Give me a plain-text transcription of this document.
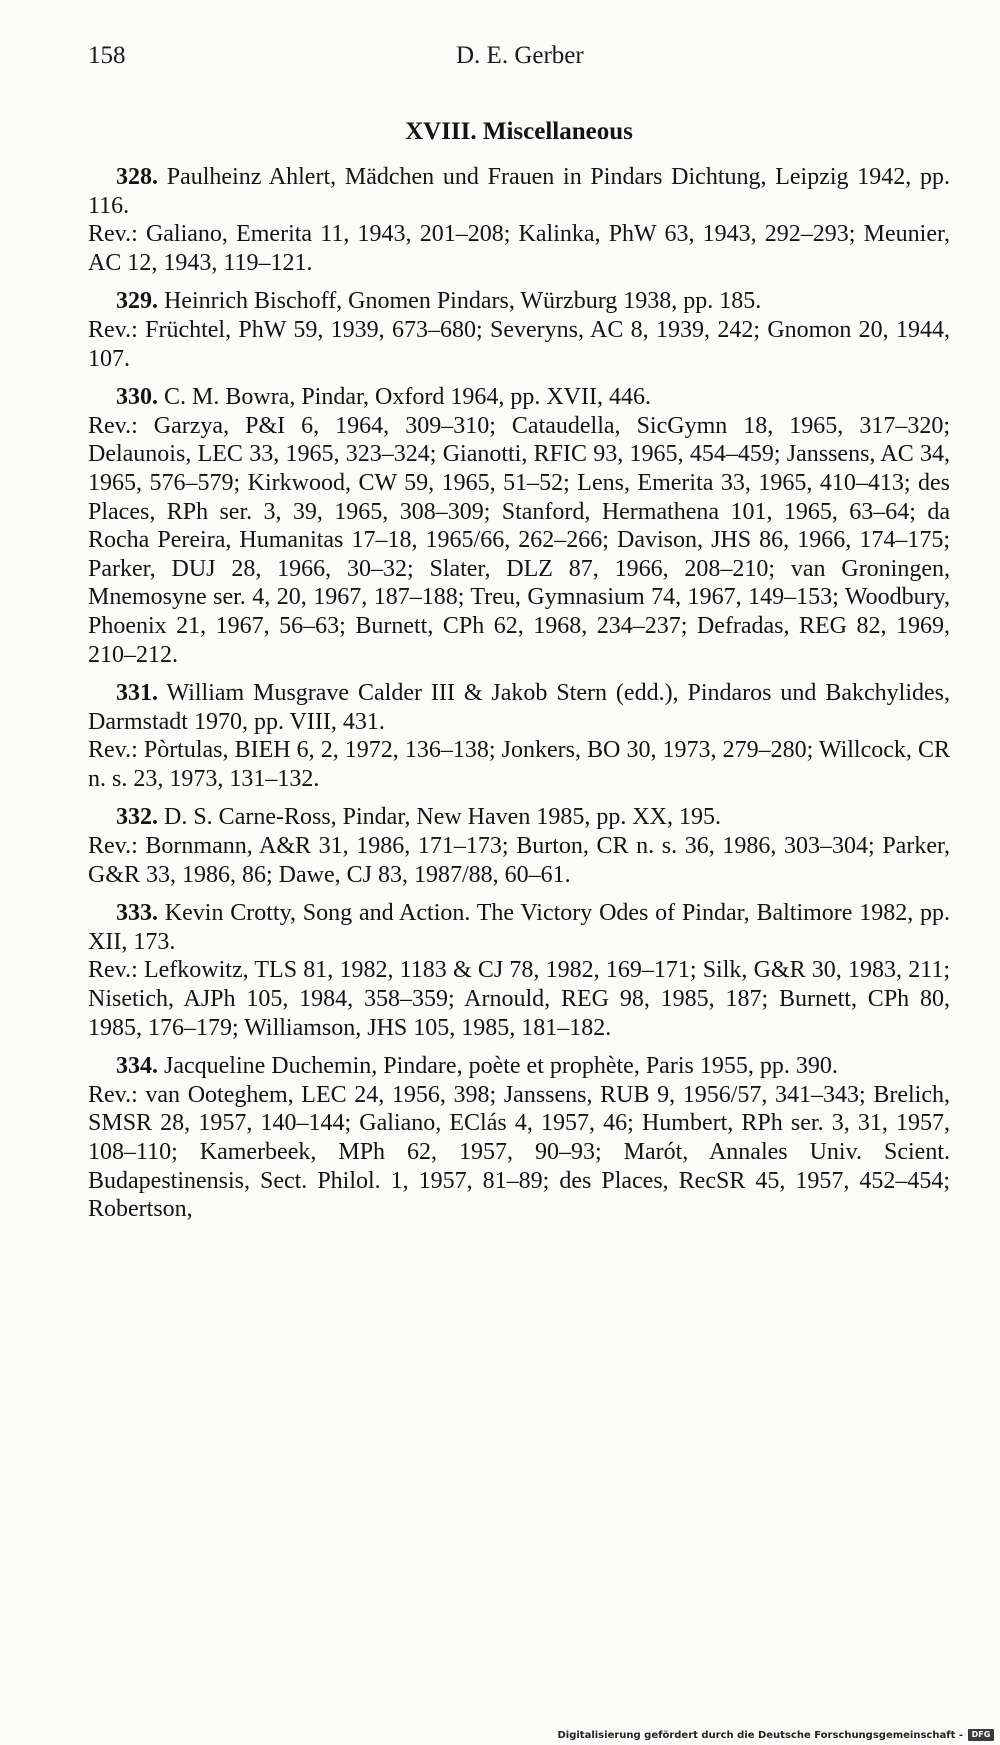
158	D. E. Gerber
XVIII. Miscellaneous

328. Paulheinz Ahlert, Mädchen und Frauen in Pindars Dichtung, Leipzig 1942, pp. 116.

Rev.: Galiano, Emerita 11, 1943, 201–208; Kalinka, PhW 63, 1943, 292–293; Meunier, AC 12, 1943, 119–121.

329. Heinrich Bischoff, Gnomen Pindars, Würzburg 1938, pp. 185.

Rev.: Früchtel, PhW 59, 1939, 673–680; Severyns, AC 8, 1939, 242; Gnomon 20, 1944, 107.

330. C. M. Bowra, Pindar, Oxford 1964, pp. XVII, 446.

Rev.: Garzya, P&I 6, 1964, 309–310; Cataudella, SicGymn 18, 1965, 317–320; Delaunois, LEC 33, 1965, 323–324; Gianotti, RFIC 93, 1965, 454–459; Janssens, AC 34, 1965, 576–579; Kirkwood, CW 59, 1965, 51–52; Lens, Emerita 33, 1965, 410–413; des Places, RPh ser. 3, 39, 1965, 308–309; Stanford, Hermathena 101, 1965, 63–64; da Rocha Pereira, Humanitas 17–18, 1965/66, 262–266; Davison, JHS 86, 1966, 174–175; Parker, DUJ 28, 1966, 30–32; Slater, DLZ 87, 1966, 208–210; van Groningen, Mnemosyne ser. 4, 20, 1967, 187–188; Treu, Gymnasium 74, 1967, 149–153; Woodbury, Phoenix 21, 1967, 56–63; Burnett, CPh 62, 1968, 234–237; Defradas, REG 82, 1969, 210–212.

331. William Musgrave Calder III & Jakob Stern (edd.), Pindaros und Bakchylides, Darmstadt 1970, pp. VIII, 431.

Rev.: Pòrtulas, BIEH 6, 2, 1972, 136–138; Jonkers, BO 30, 1973, 279–280; Willcock, CR n. s. 23, 1973, 131–132.

332. D. S. Carne-Ross, Pindar, New Haven 1985, pp. XX, 195.

Rev.: Bornmann, A&R 31, 1986, 171–173; Burton, CR n. s. 36, 1986, 303–304; Parker, G&R 33, 1986, 86; Dawe, CJ 83, 1987/88, 60–61.

333. Kevin Crotty, Song and Action. The Victory Odes of Pindar, Baltimore 1982, pp. XII, 173.

Rev.: Lefkowitz, TLS 81, 1982, 1183 & CJ 78, 1982, 169–171; Silk, G&R 30, 1983, 211; Nisetich, AJPh 105, 1984, 358–359; Arnould, REG 98, 1985, 187; Burnett, CPh 80, 1985, 176–179; Williamson, JHS 105, 1985, 181–182.

334. Jacqueline Duchemin, Pindare, poète et prophète, Paris 1955, pp. 390.

Rev.: van Ooteghem, LEC 24, 1956, 398; Janssens, RUB 9, 1956/57, 341–343; Brelich, SMSR 28, 1957, 140–144; Galiano, EClás 4, 1957, 46; Humbert, RPh ser. 3, 31, 1957, 108–110; Kamerbeek, MPh 62, 1957, 90–93; Marót, Annales Univ. Scient. Budapestinensis, Sect. Philol. 1, 1957, 81–89; des Places, RecSR 45, 1957, 452–454; Robertson,

Digitalisierung gefördert durch die Deutsche Forschungsgemeinschaft -	DFG
